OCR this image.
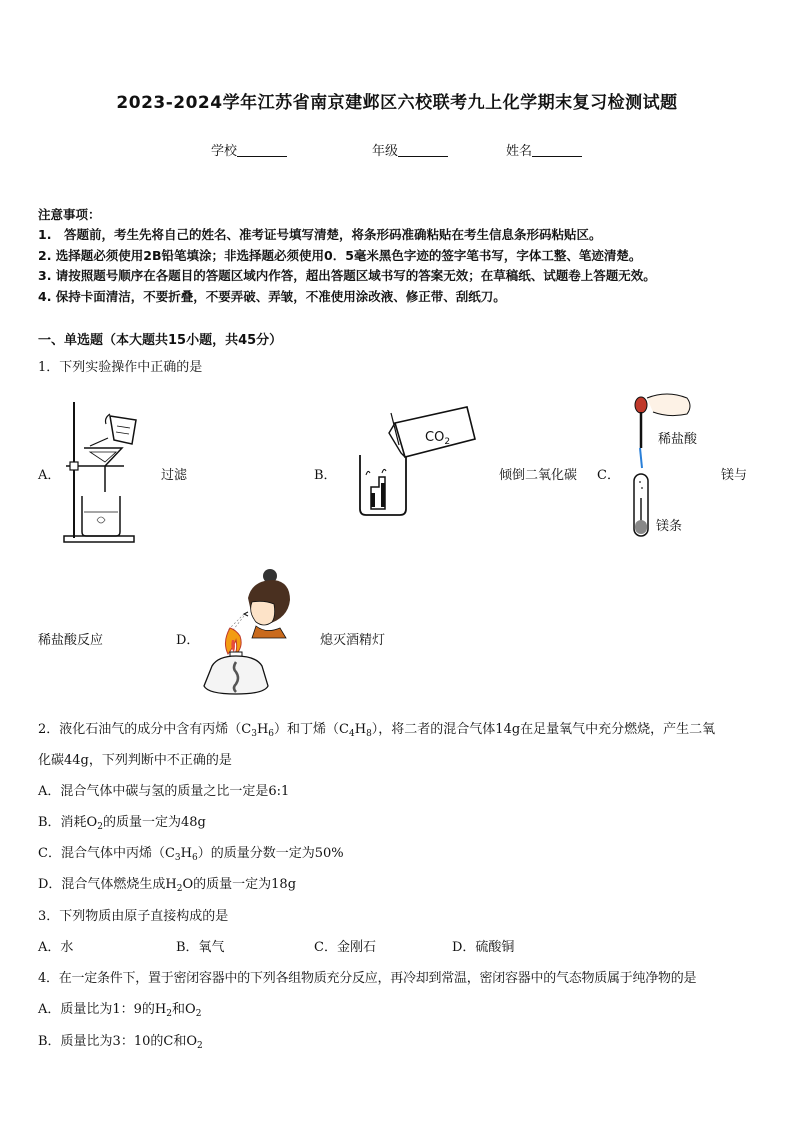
2023-2024学年江苏省南京建邺区六校联考九上化学期末复习检测试题
学校	年级	姓名
注意事项：
1.　答题前，考生先将自己的姓名、准考证号填写清楚，将条形码准确粘贴在考生信息条形码粘贴区。
2. 选择题必须使用2B铅笔填涂；非选择题必须使用0．5毫米黑色字迹的签字笔书写，字体工整、笔迹清楚。
3. 请按照题号顺序在各题目的答题区域内作答，超出答题区域书写的答案无效；在草稿纸、试题卷上答题无效。
4. 保持卡面清洁，不要折叠，不要弄破、弄皱，不准使用涂改液、修正带、刮纸刀。
一、单选题（本大题共15小题，共45分）
1．下列实验操作中正确的是
A．	过滤	B．
$CO_2$
倾倒二氧化碳 C．
稀盐酸
镁条
镁与
稀盐酸反应	D．	熄灭酒精灯
2．液化石油气的成分中含有丙烯$(C_3H_6)$和丁烯$(C_4H_8)$，将二者的混合气体14g在足量氧气中充分燃烧，产生二氧
化碳44g，下列判断中不正确的是
A．混合气体中碳与氢的质量之比一定是6:1
B．消耗$O_2$的质量一定为48g
C．混合气体中丙烯$(C_3H_6)$的质量分数一定为50%
D．混合气体燃烧生成$H_2O$的质量一定为18g
3．下列物质由原子直接构成的是
A．水	B．氧气	C．金刚石	D．硫酸铜
4．在一定条件下，置于密闭容器中的下列各组物质充分反应，再冷却到常温，密闭容器中的气态物质属于纯净物的是
A．质量比为1：9的$H_2$和$O_2$
B．质量比为3：10的C和$O_2$
